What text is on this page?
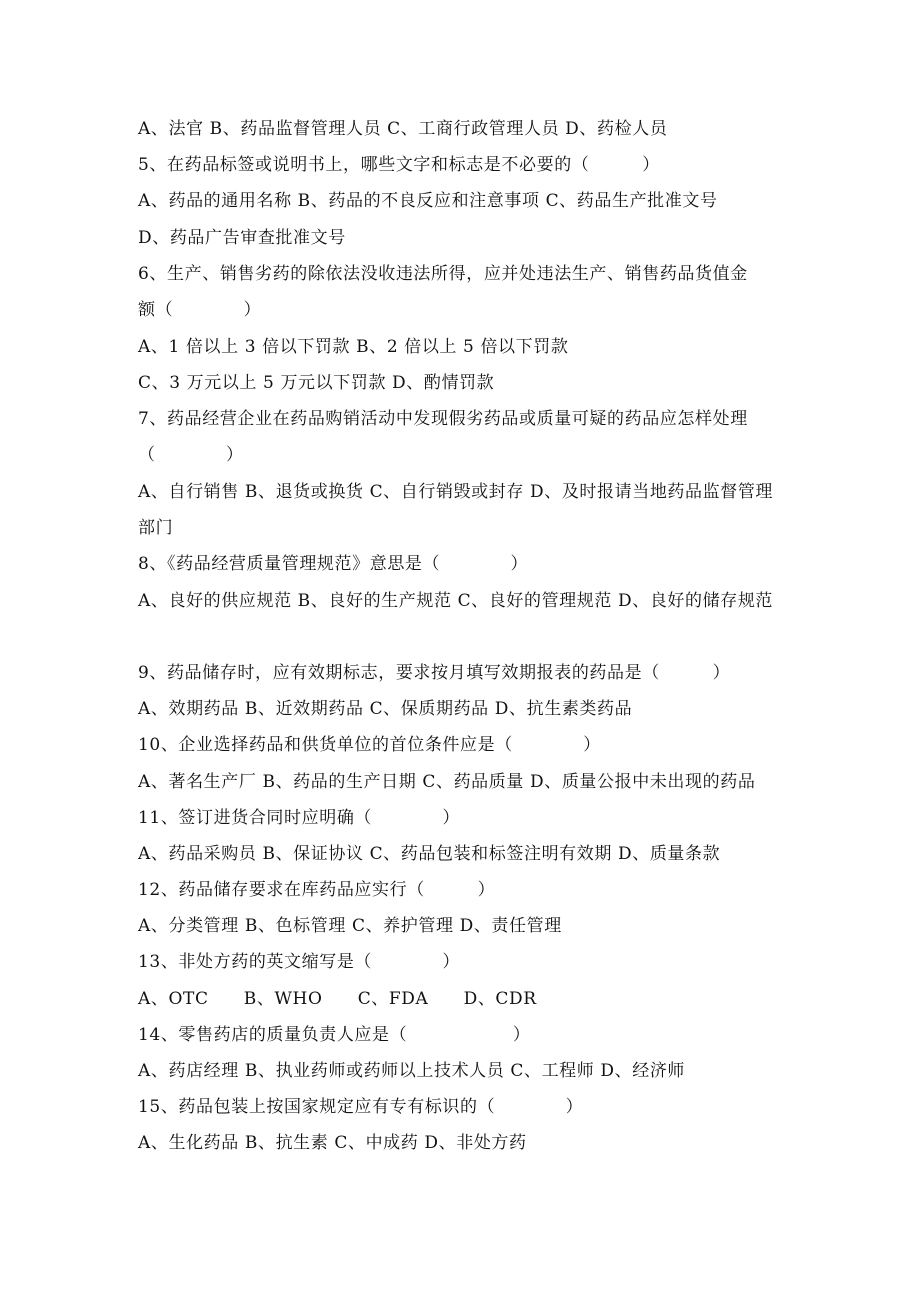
A、法官 B、药品监督管理人员 C、工商行政管理人员 D、药检人员
5、在药品标签或说明书上，哪些文字和标志是不必要的（　　　）
A、药品的通用名称 B、药品的不良反应和注意事项 C、药品生产批准文号
D、药品广告审查批准文号
6、生产、销售劣药的除依法没收违法所得，应并处违法生产、销售药品货值金
额（　　　　）
A、1 倍以上 3 倍以下罚款 B、2 倍以上 5 倍以下罚款
C、3 万元以上 5 万元以下罚款 D、酌情罚款
7、药品经营企业在药品购销活动中发现假劣药品或质量可疑的药品应怎样处理
（　　　　）
A、自行销售 B、退货或换货 C、自行销毁或封存 D、及时报请当地药品监督管理
部门
8、《药品经营质量管理规范》意思是（　　　　）
A、良好的供应规范 B、良好的生产规范 C、良好的管理规范 D、良好的储存规范
9、药品储存时，应有效期标志，要求按月填写效期报表的药品是（　　　）
A、效期药品 B、近效期药品 C、保质期药品 D、抗生素类药品
10、企业选择药品和供货单位的首位条件应是（　　　　）
A、著名生产厂 B、药品的生产日期 C、药品质量 D、质量公报中未出现的药品
11、签订进货合同时应明确（　　　　）
A、药品采购员 B、保证协议 C、药品包装和标签注明有效期 D、质量条款
12、药品储存要求在库药品应实行（　　　）
A、分类管理 B、色标管理 C、养护管理 D、责任管理
13、非处方药的英文缩写是（　　　　）
A、OTC　　B、WHO　　C、FDA　　D、CDR
14、零售药店的质量负责人应是（　　　　　　）
A、药店经理 B、执业药师或药师以上技术人员 C、工程师 D、经济师
15、药品包装上按国家规定应有专有标识的（　　　　）
A、生化药品 B、抗生素 C、中成药 D、非处方药
